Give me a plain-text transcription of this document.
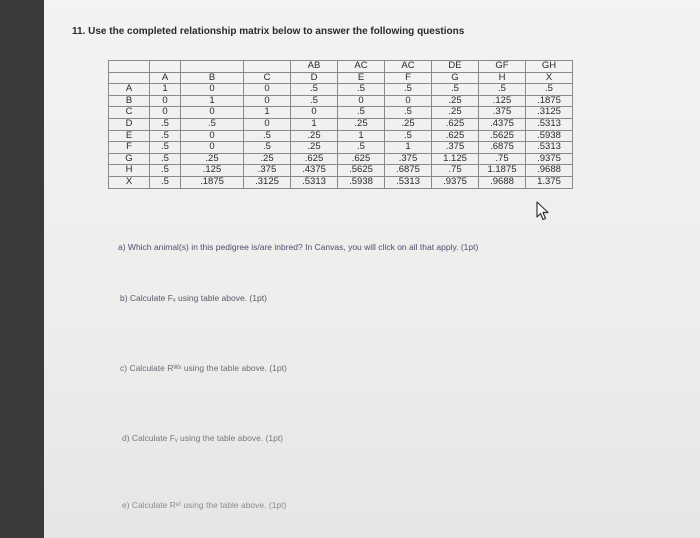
11. Use the completed relationship matrix below to answer the following questions
				AB	AC	AC	DE	GF	GH
	A	B	C	D	E	F	G	H	X
A	1	0	0	.5	.5	.5	.5	.5	.5
B	0	1	0	.5	0	0	.25	.125	.1875
C	0	0	1	0	.5	.5	.25	.375	.3125
D	.5	.5	0	1	.25	.25	.625	.4375	.5313
E	.5	0	.5	.25	1	.5	.625	.5625	.5938
F	.5	0	.5	.25	.5	1	.375	.6875	.5313
G	.5	.25	.25	.625	.625	.375	1.125	.75	.9375
H	.5	.125	.375	.4375	.5625	.6875	.75	1.1875	.9688
X	.5	.1875	.3125	.5313	.5938	.5313	.9375	.9688	1.375
a) Which animal(s) in this pedigree is/are inbred? In Canvas, you will click on all that apply. (1pt)
b) Calculate Fₓ using table above. (1pt)
c) Calculate Rᵂˣ using the table above. (1pt)
d) Calculate Fᵧ using the table above. (1pt)
e) Calculate Rᵉᶠ using the table above. (1pt)
